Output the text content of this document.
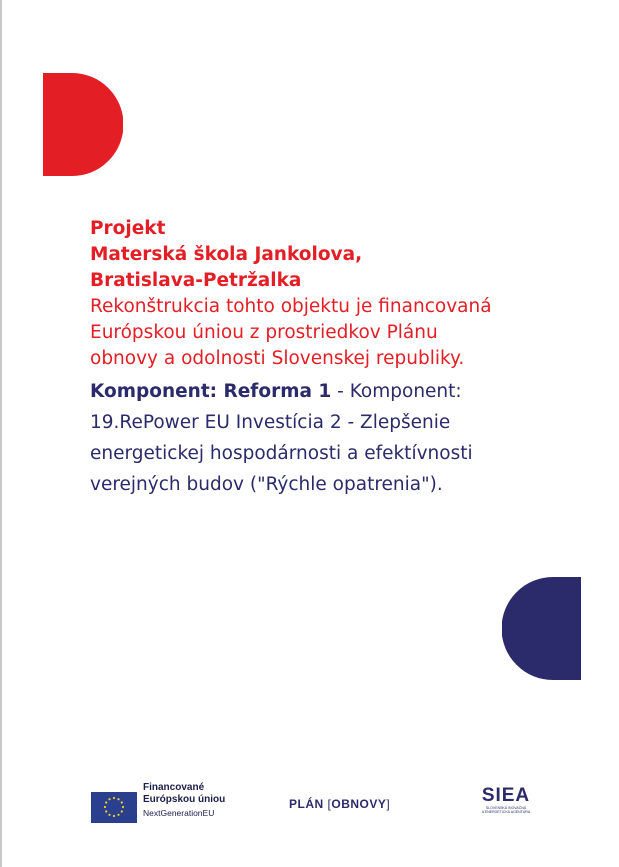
Projekt
Materská škola Jankolova,
Bratislava-Petržalka
Rekonštrukcia tohto objektu je financovaná
Európskou úniou z prostriedkov Plánu
obnovy a odolnosti Slovenskej republiky.
Komponent: Reforma 1 - Komponent:
19.RePower EU Investícia 2 - Zlepšenie
energetickej hospodárnosti a efektívnosti
verejných budov ("Rýchle opatrenia").
Financované
Európskou úniou
NextGenerationEU
PLÁN [OBNOVY]	SIEA
SLOVENSKÁ INOVAČNÁ
A ENERGETICKÁ AGENTÚRA
